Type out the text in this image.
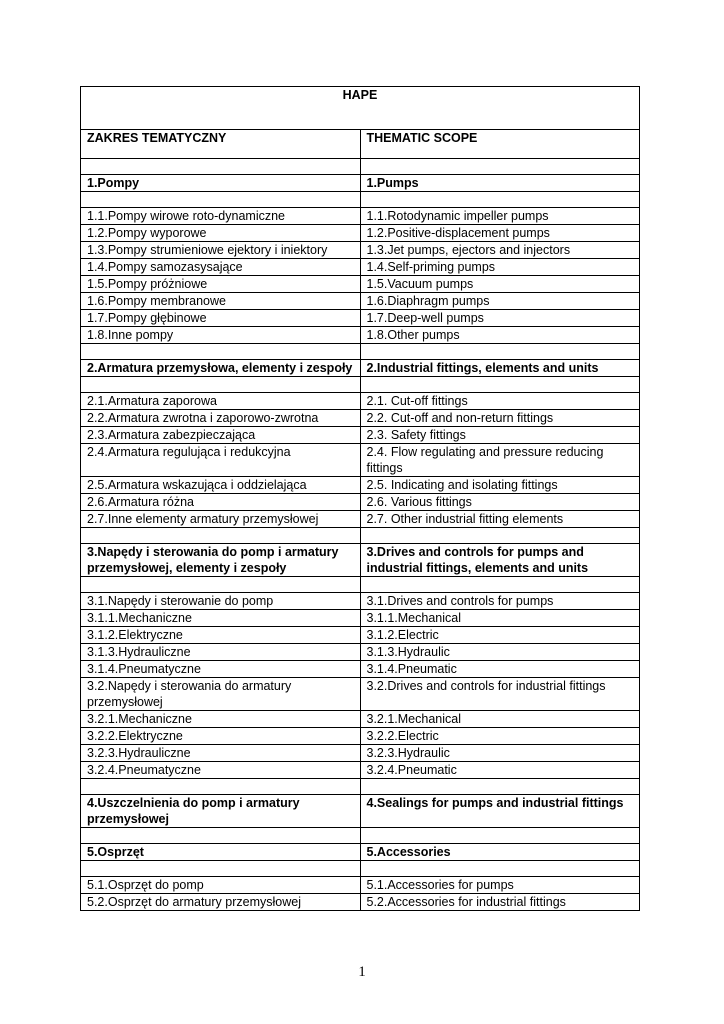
HAPE	
ZAKRES TEMATYCZNY	THEMATIC SCOPE

1.Pompy	1.Pumps

1.1.Pompy wirowe roto-dynamiczne	1.1.Rotodynamic impeller pumps
1.2.Pompy wyporowe	1.2.Positive-displacement pumps
1.3.Pompy strumieniowe ejektory i iniektory	1.3.Jet pumps, ejectors and injectors
1.4.Pompy samozasysające	1.4.Self-priming pumps
1.5.Pompy próżniowe	1.5.Vacuum pumps
1.6.Pompy membranowe	1.6.Diaphragm pumps
1.7.Pompy głębinowe	1.7.Deep-well pumps
1.8.Inne pompy	1.8.Other pumps

2.Armatura przemysłowa, elementy i zespoły	2.Industrial fittings, elements and units

2.1.Armatura zaporowa	2.1. Cut-off fittings
2.2.Armatura zwrotna i zaporowo-zwrotna	2.2. Cut-off and non-return fittings
2.3.Armatura zabezpieczająca	2.3. Safety fittings
2.4.Armatura regulująca i redukcyjna	2.4. Flow regulating and pressure reducing fittings
2.5.Armatura wskazująca i oddzielająca	2.5. Indicating and isolating fittings
2.6.Armatura różna	2.6. Various fittings
2.7.Inne elementy armatury przemysłowej	2.7. Other industrial fitting elements

3.Napędy i sterowania do pomp i armatury przemysłowej, elementy i zespoły	3.Drives and controls for pumps and industrial fittings, elements and units

3.1.Napędy i sterowanie do pomp	3.1.Drives and controls for pumps
3.1.1.Mechaniczne	3.1.1.Mechanical
3.1.2.Elektryczne	3.1.2.Electric
3.1.3.Hydrauliczne	3.1.3.Hydraulic
3.1.4.Pneumatyczne	3.1.4.Pneumatic
3.2.Napędy i sterowania do armatury przemysłowej	3.2.Drives and controls for industrial fittings
3.2.1.Mechaniczne	3.2.1.Mechanical
3.2.2.Elektryczne	3.2.2.Electric
3.2.3.Hydrauliczne	3.2.3.Hydraulic
3.2.4.Pneumatyczne	3.2.4.Pneumatic

4.Uszczelnienia do pomp i armatury przemysłowej	4.Sealings for pumps and industrial fittings

5.Osprzęt	5.Accessories

5.1.Osprzęt do pomp	5.1.Accessories for pumps
5.2.Osprzęt do armatury przemysłowej	5.2.Accessories for industrial fittings
1
